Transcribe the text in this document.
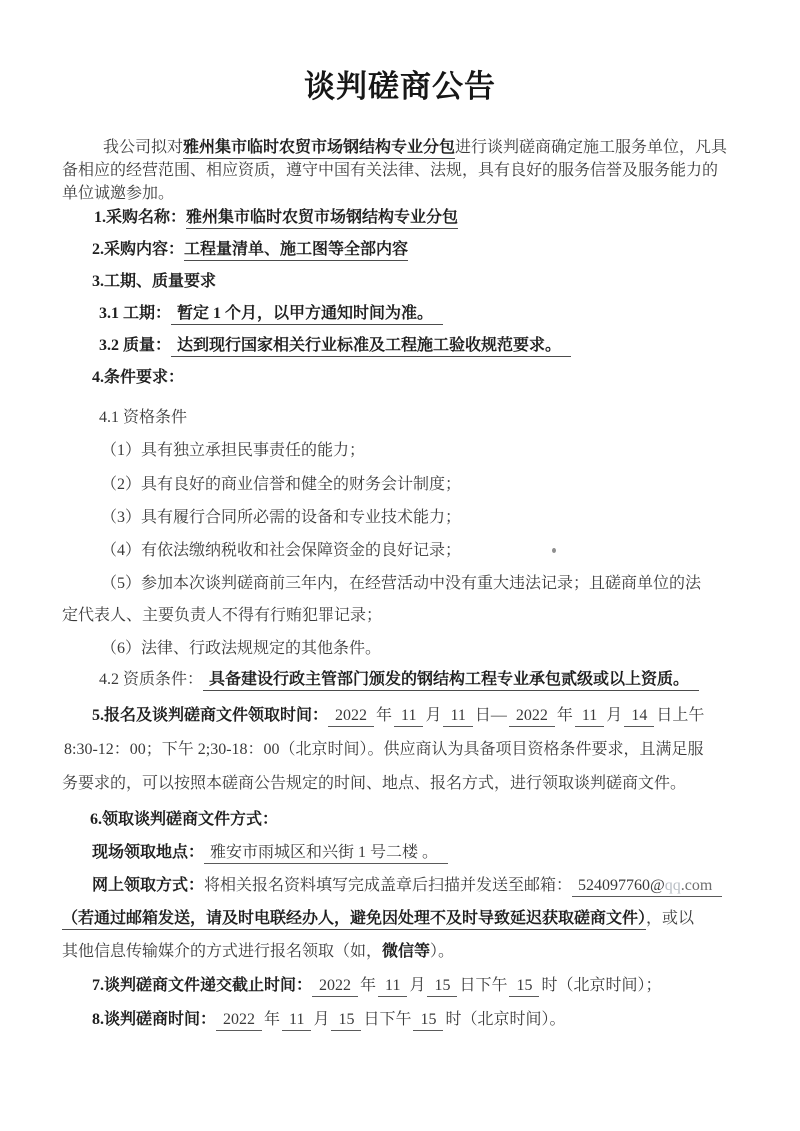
谈判磋商公告
我公司拟对雅州集市临时农贸市场钢结构专业分包进行谈判磋商确定施工服务单位，凡具
备相应的经营范围、相应资质，遵守中国有关法律、法规，具有良好的服务信誉及服务能力的
单位诚邀参加。
1.采购名称：雅州集市临时农贸市场钢结构专业分包
2.采购内容：工程量清单、施工图等全部内容
3.工期、质量要求
3.1 工期： 暂定 1 个月，以甲方通知时间为准。
3.2 质量： 达到现行国家相关行业标准及工程施工验收规范要求。
4.条件要求：
4.1 资格条件
（1）具有独立承担民事责任的能力；
（2）具有良好的商业信誉和健全的财务会计制度；
（3）具有履行合同所必需的设备和专业技术能力；
（4）有依法缴纳税收和社会保障资金的良好记录；
（5）参加本次谈判磋商前三年内，在经营活动中没有重大违法记录；且磋商单位的法
定代表人、主要负责人不得有行贿犯罪记录；
（6）法律、行政法规规定的其他条件。
4.2 资质条件： 具备建设行政主管部门颁发的钢结构工程专业承包贰级或以上资质。
5.报名及谈判磋商文件领取时间： 2022 年 11 月 11 日— 2022 年 11 月 14 日上午
8:30-12：00；下午 2;30-18：00（北京时间）。供应商认为具备项目资格条件要求，且满足服
务要求的，可以按照本磋商公告规定的时间、地点、报名方式，进行领取谈判磋商文件。
6.领取谈判磋商文件方式：
现场领取地点： 雅安市雨城区和兴街 1 号二楼 。
网上领取方式：将相关报名资料填写完成盖章后扫描并发送至邮箱： 524097760@qq.com
（若通过邮箱发送，请及时电联经办人，避免因处理不及时导致延迟获取磋商文件），或以
其他信息传输媒介的方式进行报名领取（如，微信等）。
7.谈判磋商文件递交截止时间： 2022 年 11 月 15 日下午 15 时（北京时间）；
8.谈判磋商时间： 2022 年 11 月 15 日下午 15 时（北京时间）。
